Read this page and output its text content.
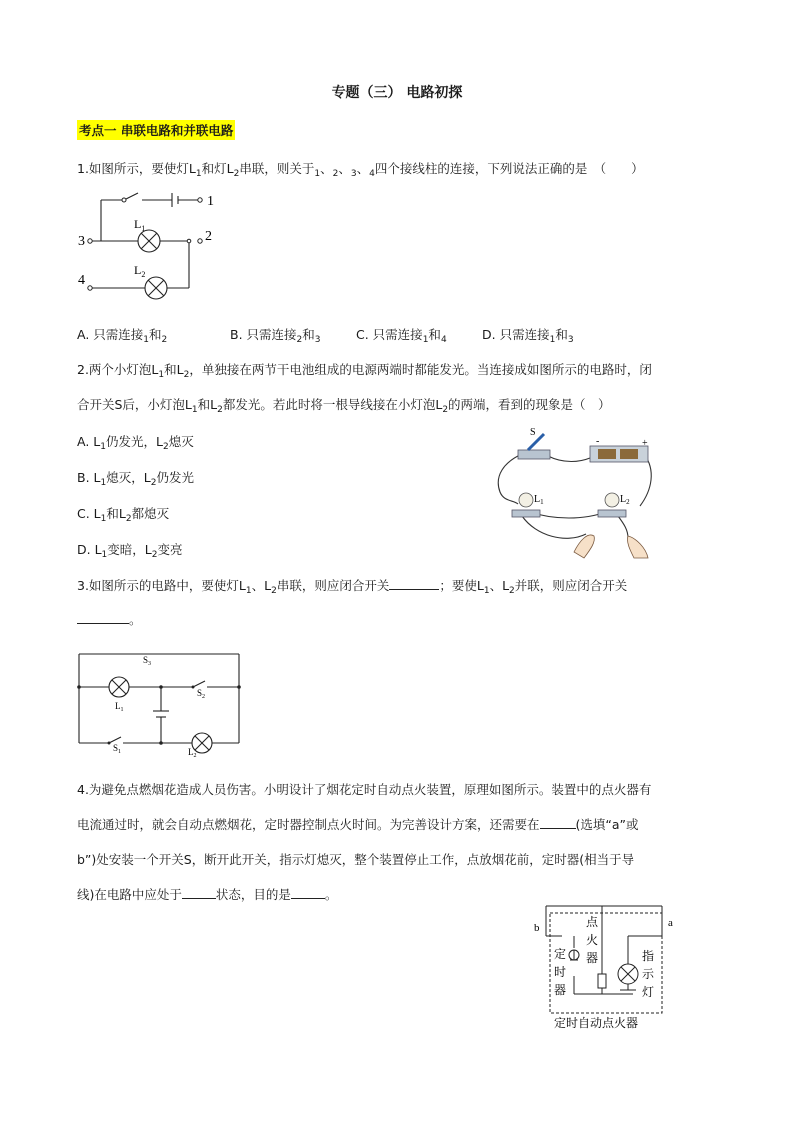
专题（三） 电路初探
考点一 串联电路和并联电路
1.如图所示，要使灯$L_1$和灯$L_2$串联，则关于$_1$、$_2$、$_3$、$_4$四个接线柱的连接，下列说法正确的是　（　　）
1
2
3
4
$L_1$
$L_2$
A. 只需连接$_1$和$_2$	B. 只需连接$_2$和$_3$	C. 只需连接$_1$和$_4$	D. 只需连接$_1$和$_3$
2.两个小灯泡$L_1$和$L_2$，单独接在两节干电池组成的电源两端时都能发光。当连接成如图所示的电路时，闭
合开关S后，小灯泡$L_1$和$L_2$都发光。若此时将一根导线接在小灯泡$L_2$的两端，看到的现象是（　）
A. $L_1$仍发光，$L_2$熄灭
B. $L_1$熄灭，$L_2$仍发光
C. $L_1$和$L_2$都熄灭
D. $L_1$变暗，$L_2$变亮
S
-	+
$L_1$	$L_2$
3.如图所示的电路中，要使灯$L_1$、$L_2$串联，则应闭合开关	；要使$L_1$、$L_2$并联，则应闭合开关
。
$S_3$
$S_2$
$S_1$
$L_1$
$L_2$
4.为避免点燃烟花造成人员伤害。小明设计了烟花定时自动点火装置，原理如图所示。装置中的点火器有
电流通过时，就会自动点燃烟花，定时器控制点火时间。为完善设计方案，还需要在	(选填“a”或
b”)处安装一个开关S，断开此开关，指示灯熄灭，整个装置停止工作，点放烟花前，定时器(相当于导
线)在电路中应处于	状态，目的是	。
b	a
点
火
器
定
时
器
指
示
灯
定时自动点火器
